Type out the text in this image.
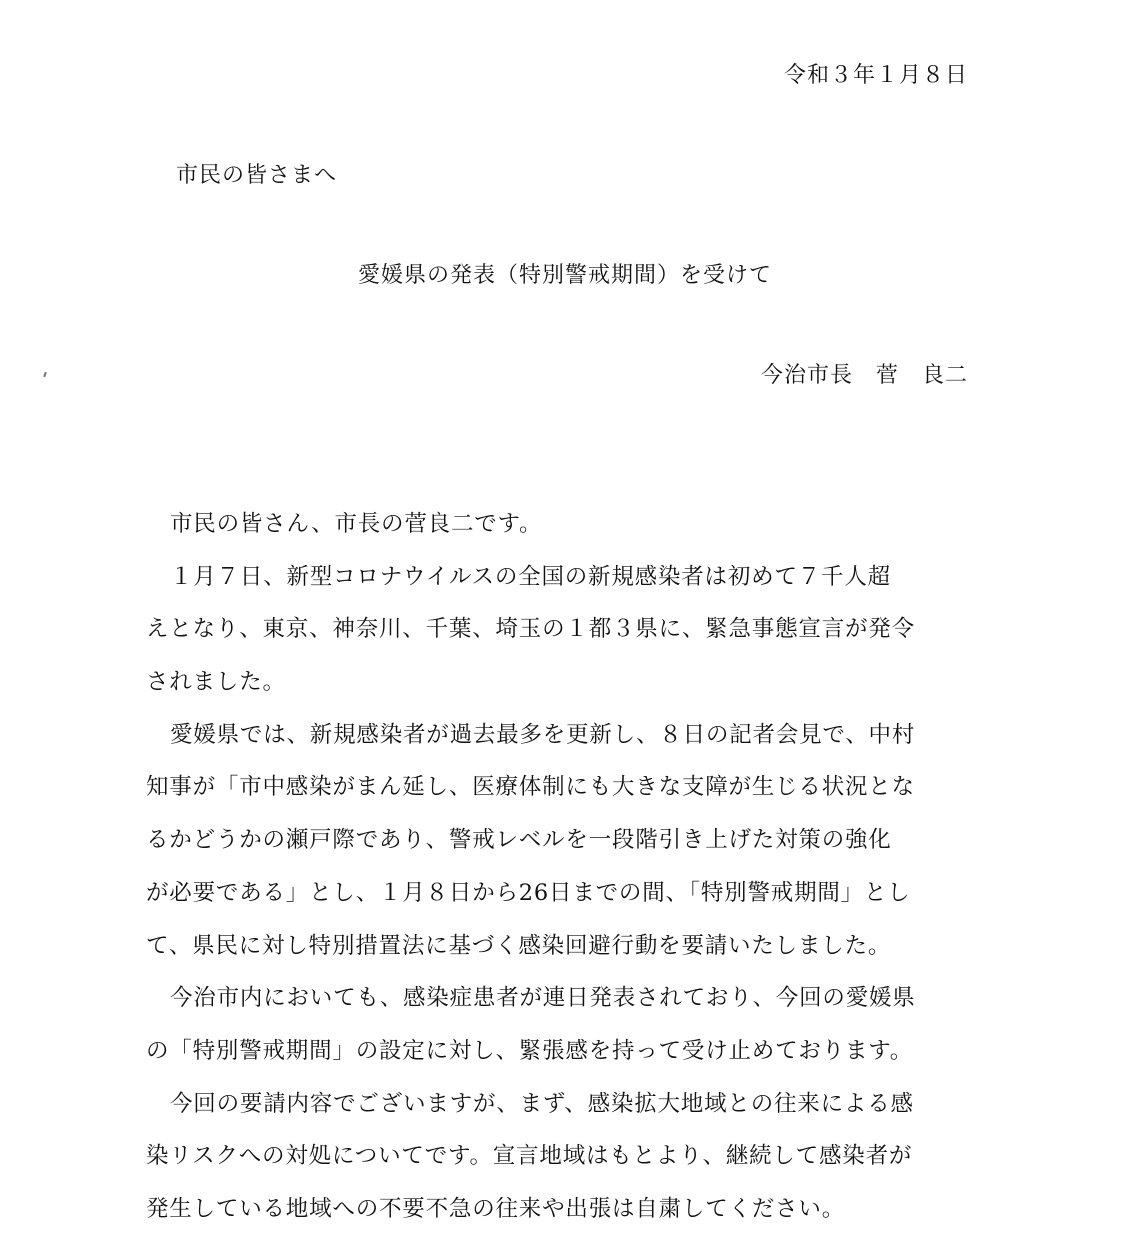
令和３年１月８日
市民の皆さまへ
愛媛県の発表（特別警戒期間）を受けて
今治市長　菅　良二
市民の皆さん、市長の菅良二です。
１月７日、新型コロナウイルスの全国の新規感染者は初めて７千人超
えとなり、東京、神奈川、千葉、埼玉の１都３県に、緊急事態宣言が発令
されました。
愛媛県では、新規感染者が過去最多を更新し、８日の記者会見で、中村
知事が「市中感染がまん延し、医療体制にも大きな支障が生じる状況とな
るかどうかの瀬戸際であり、警戒レベルを一段階引き上げた対策の強化
が必要である」とし、１月８日から26日までの間、「特別警戒期間」とし
て、県民に対し特別措置法に基づく感染回避行動を要請いたしました。
今治市内においても、感染症患者が連日発表されており、今回の愛媛県
の「特別警戒期間」の設定に対し、緊張感を持って受け止めております。
今回の要請内容でございますが、まず、感染拡大地域との往来による感
染リスクへの対処についてです。宣言地域はもとより、継続して感染者が
発生している地域への不要不急の往来や出張は自粛してください。
